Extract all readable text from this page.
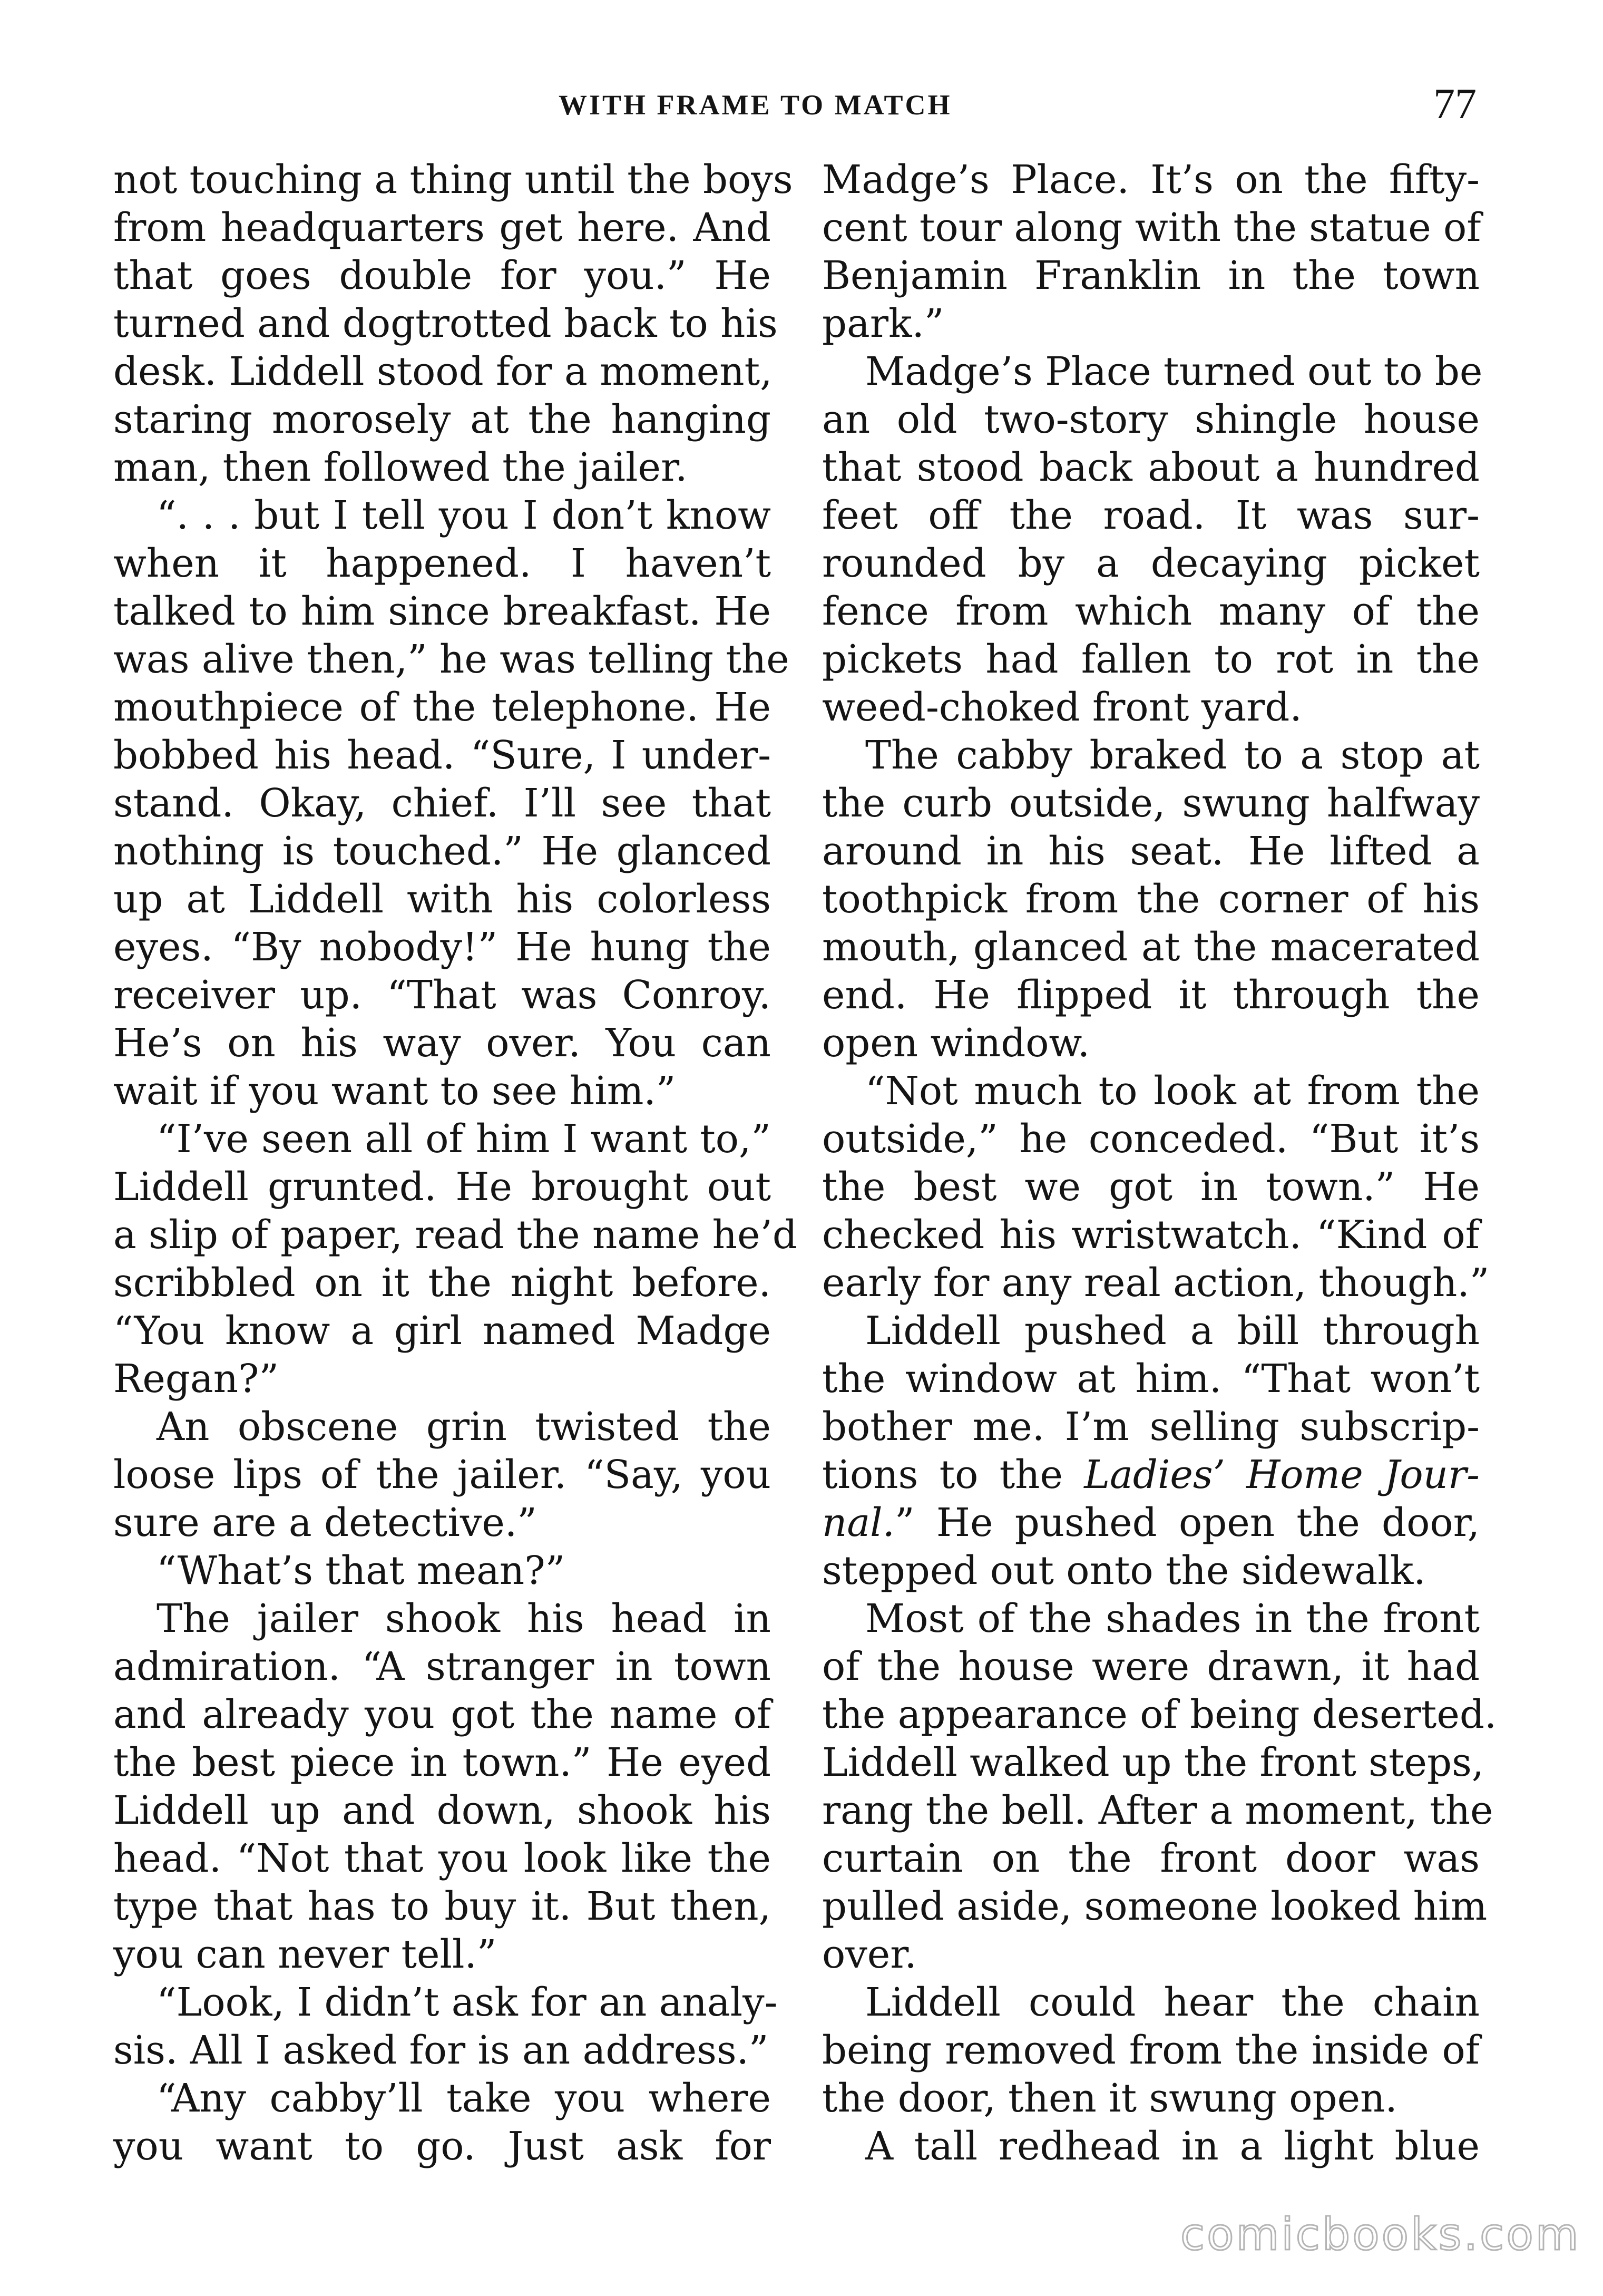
WITH FRAME TO MATCH	77
not touching a thing until the boys
from headquarters get here. And
that goes double for you.” He
turned and dogtrotted back to his
desk. Liddell stood for a moment,
staring morosely at the hanging
man, then followed the jailer.
“. . . but I tell you I don’t know
when it happened. I haven’t
talked to him since breakfast. He
was alive then,” he was telling the
mouthpiece of the telephone. He
bobbed his head. “Sure, I under-
stand. Okay, chief. I’ll see that
nothing is touched.” He glanced
up at Liddell with his colorless
eyes. “By nobody!” He hung the
receiver up. “That was Conroy.
He’s on his way over. You can
wait if you want to see him.”
“I’ve seen all of him I want to,”
Liddell grunted. He brought out
a slip of paper, read the name he’d
scribbled on it the night before.
“You know a girl named Madge
Regan?”
An obscene grin twisted the
loose lips of the jailer. “Say, you
sure are a detective.”
“What’s that mean?”
The jailer shook his head in
admiration. “A stranger in town
and already you got the name of
the best piece in town.” He eyed
Liddell up and down, shook his
head. “Not that you look like the
type that has to buy it. But then,
you can never tell.”
“Look, I didn’t ask for an analy-
sis. All I asked for is an address.”
“Any cabby’ll take you where
you want to go. Just ask for
Madge’s Place. It’s on the fifty-
cent tour along with the statue of
Benjamin Franklin in the town
park.”
Madge’s Place turned out to be
an old two-story shingle house
that stood back about a hundred
feet off the road. It was sur-
rounded by a decaying picket
fence from which many of the
pickets had fallen to rot in the
weed-choked front yard.
The cabby braked to a stop at
the curb outside, swung halfway
around in his seat. He lifted a
toothpick from the corner of his
mouth, glanced at the macerated
end. He flipped it through the
open window.
“Not much to look at from the
outside,” he conceded. “But it’s
the best we got in town.” He
checked his wristwatch. “Kind of
early for any real action, though.”
Liddell pushed a bill through
the window at him. “That won’t
bother me. I’m selling subscrip-
tions to the Ladies’ Home Jour-
nal.” He pushed open the door,
stepped out onto the sidewalk.
Most of the shades in the front
of the house were drawn, it had
the appearance of being deserted.
Liddell walked up the front steps,
rang the bell. After a moment, the
curtain on the front door was
pulled aside, someone looked him
over.
Liddell could hear the chain
being removed from the inside of
the door, then it swung open.
A tall redhead in a light blue
comicbooks.com
